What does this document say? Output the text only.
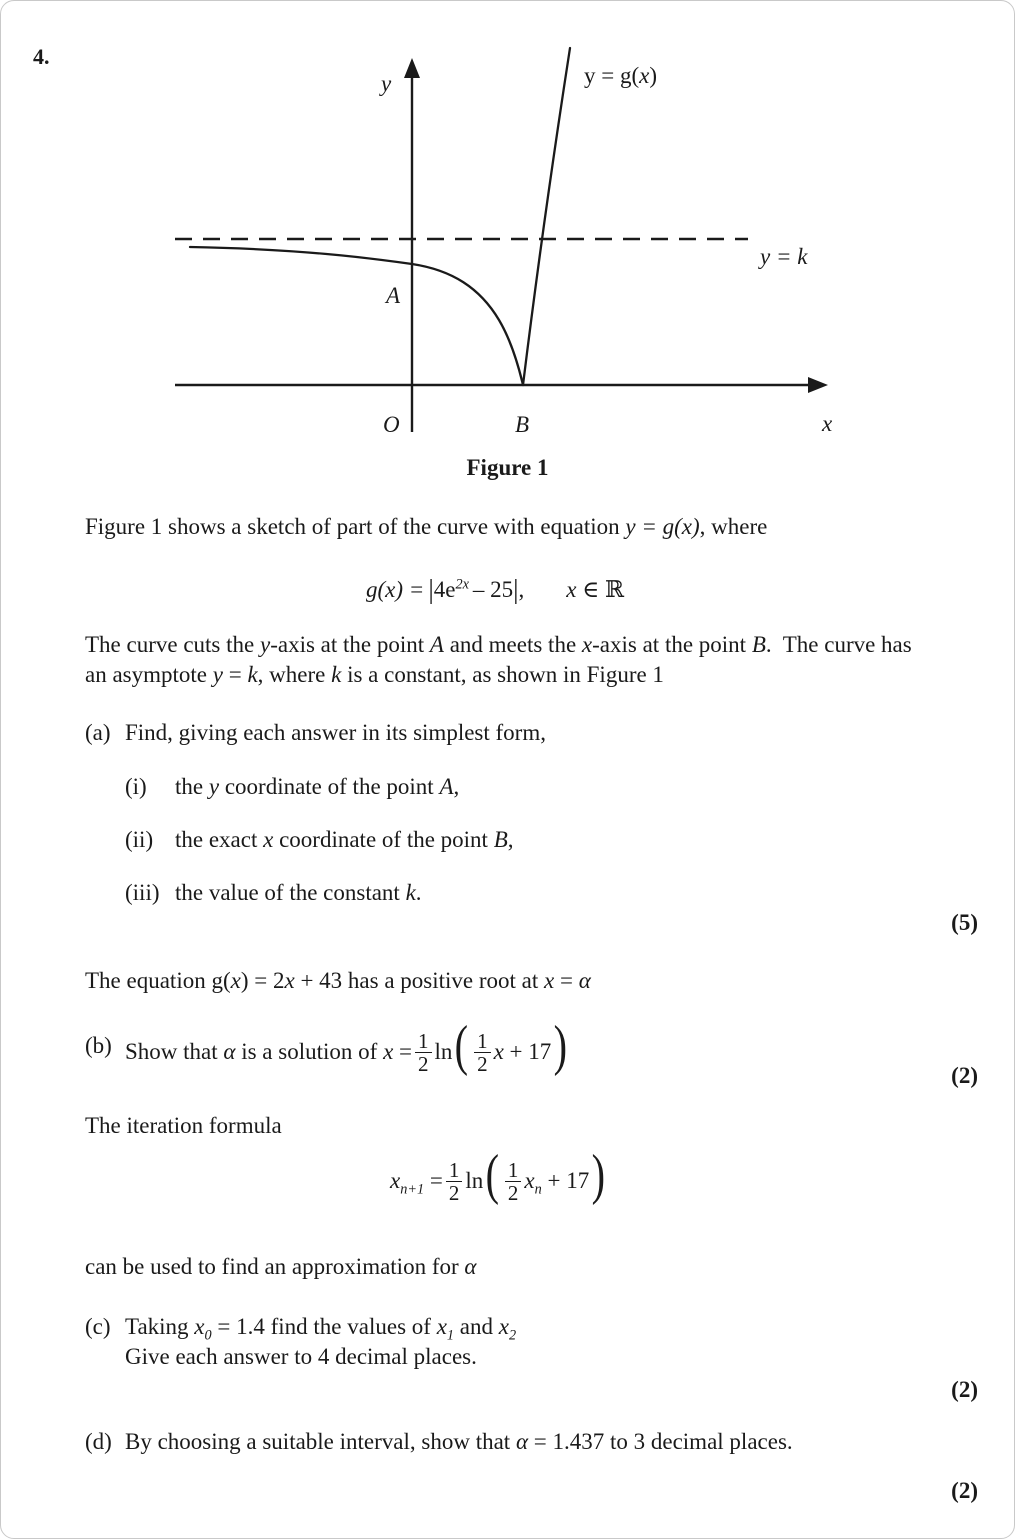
4.
y
x
O
A
B
y = g(x)
y = k
Figure 1
Figure 1 shows a sketch of part of the curve with equation y = g(x), where
$g(x) = |4e^{2x} - 25|$, x ∈ ℝ
The curve cuts the y-axis at the point A and meets the x-axis at the point B.  The curve has
an asymptote y = k, where k is a constant, as shown in Figure 1
(a) Find, giving each answer in its simplest form,
(i) the y coordinate of the point A,
(ii) the exact x coordinate of the point B,
(iii) the value of the constant k.
(5)
The equation g(x) = 2x + 43 has a positive root at x = α
(b) Show that α is a solution of $x = \frac{1}{2} \ln( \frac{1}{2}$ x + 17)	(2)
The iteration formula
$x_{n+1} = \frac{1}{2} \ln( \frac{1}{2} x_n + 17)$
can be used to find an approximation for α
(c) Taking $x_0 = 1.4$ find the values of $x_1$ and $x_2$
Give each answer to 4 decimal places.
(2)
(d) By choosing a suitable interval, show that α = 1.437 to 3 decimal places.
(2)
